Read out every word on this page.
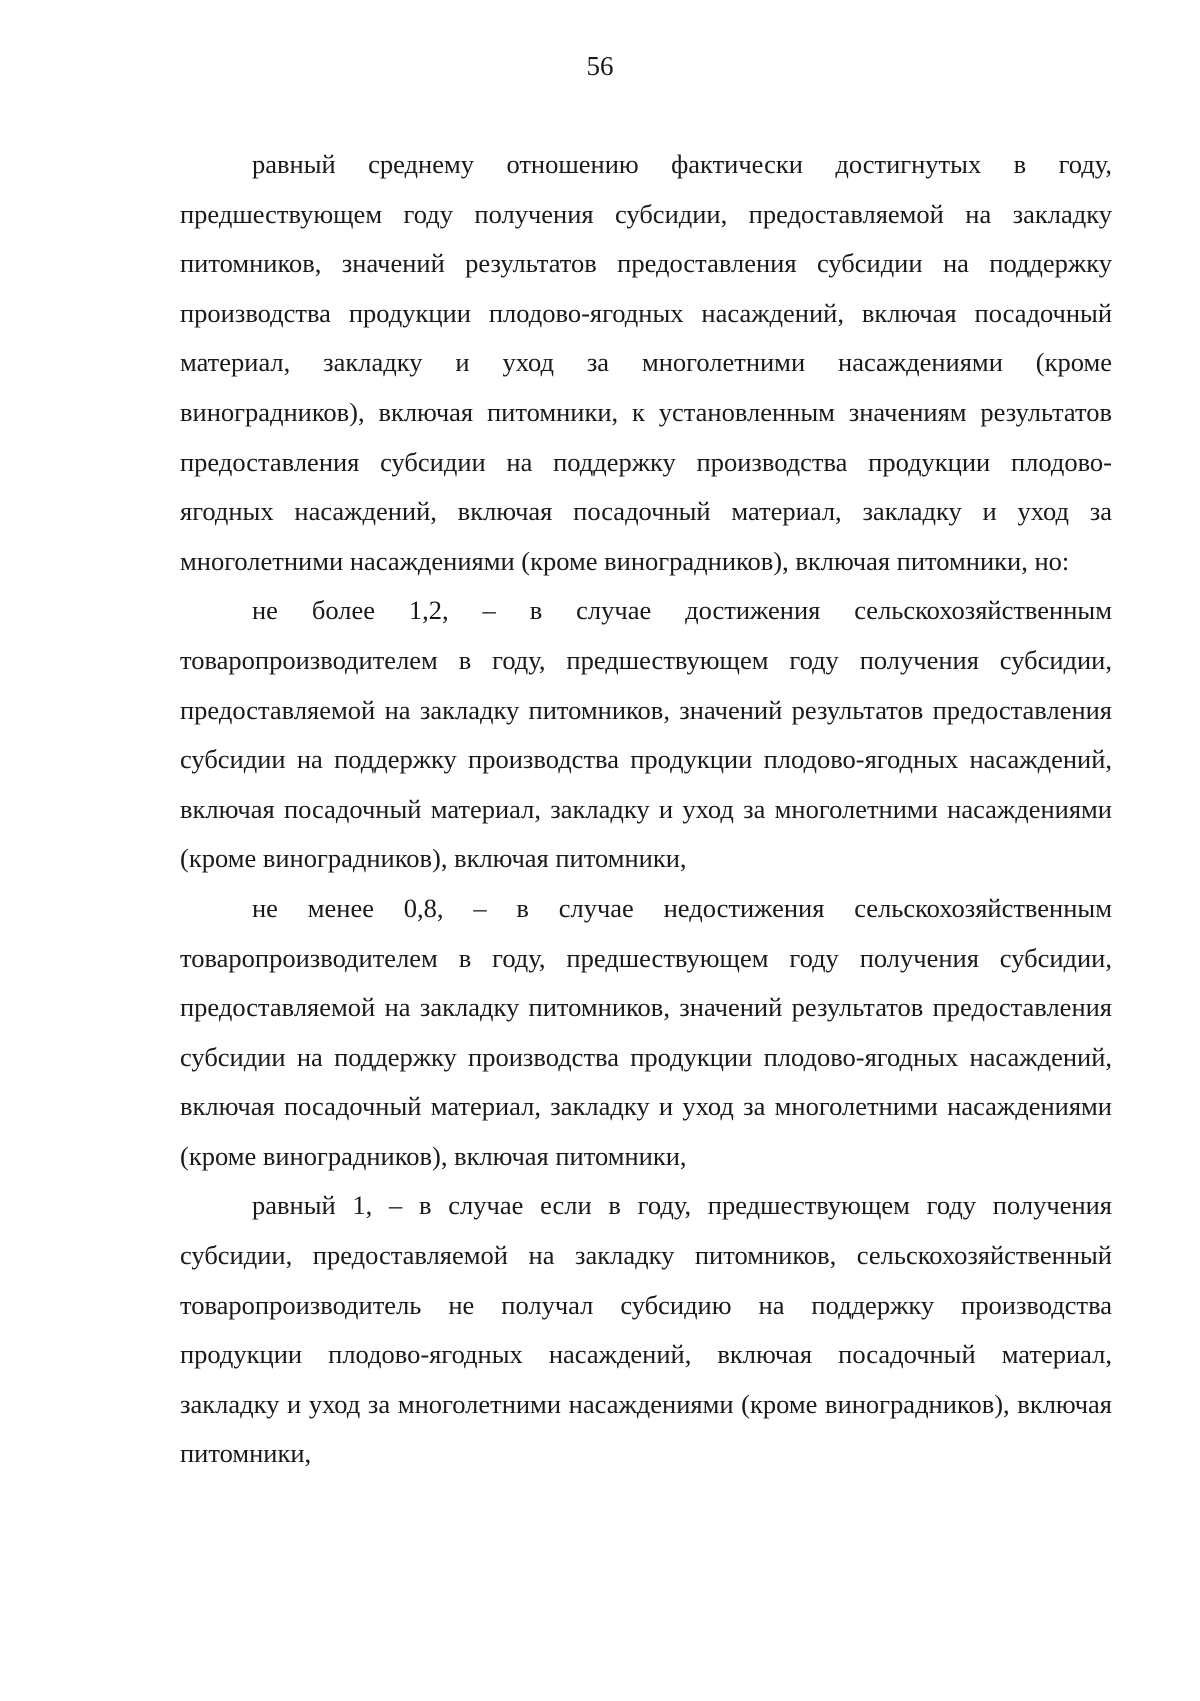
56

равный среднему отношению фактически достигнутых в году, предшествующем году получения субсидии, предоставляемой на закладку питомников, значений результатов предоставления субсидии на поддержку производства продукции плодово-ягодных насаждений, включая посадочный материал, закладку и уход за многолетними насаждениями (кроме виноградников), включая питомники, к установленным значениям результатов предоставления субсидии на поддержку производства продукции плодово-ягодных насаждений, включая посадочный материал, закладку и уход за многолетними насаждениями (кроме виноградников), включая питомники, но:

не более 1,2, – в случае достижения сельскохозяйственным товаропроизводителем в году, предшествующем году получения субсидии, предоставляемой на закладку питомников, значений результатов предоставления субсидии на поддержку производства продукции плодово-ягодных насаждений, включая посадочный материал, закладку и уход за многолетними насаждениями (кроме виноградников), включая питомники,

не менее 0,8, – в случае недостижения сельскохозяйственным товаропроизводителем в году, предшествующем году получения субсидии, предоставляемой на закладку питомников, значений результатов предоставления субсидии на поддержку производства продукции плодово-ягодных насаждений, включая посадочный материал, закладку и уход за многолетними насаждениями (кроме виноградников), включая питомники,

равный 1, – в случае если в году, предшествующем году получения субсидии, предоставляемой на закладку питомников, сельскохозяйственный товаропроизводитель не получал субсидию на поддержку производства продукции плодово-ягодных насаждений, включая посадочный материал, закладку и уход за многолетними насаждениями (кроме виноградников), включая питомники,
